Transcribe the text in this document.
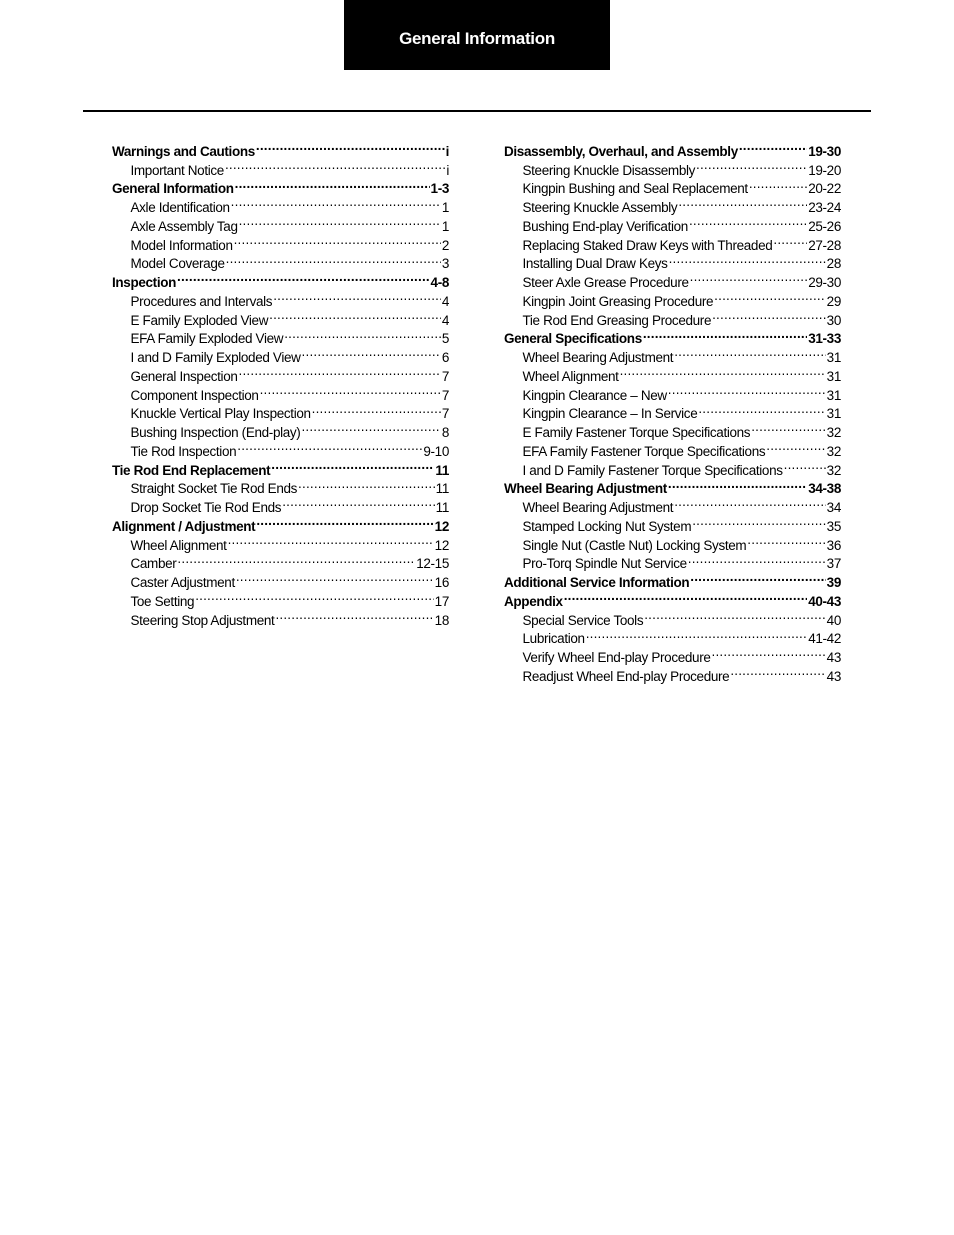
General Information
Warnings and Cautions .....	i
Important Notice .....	i
General Information .....	1-3
Axle Identification .....	1
Axle Assembly Tag .....	1
Model Information .....	2
Model Coverage .....	3
Inspection .....	4-8
Procedures and Intervals .....	4
E Family Exploded View .....	4
EFA Family Exploded View .....	5
I and D Family Exploded View .....	6
General Inspection .....	7
Component Inspection .....	7
Knuckle Vertical Play Inspection .....	7
Bushing Inspection (End-play) .....	8
Tie Rod Inspection .....	9-10
Tie Rod End Replacement .....	11
Straight Socket Tie Rod Ends .....	11
Drop Socket Tie Rod Ends .....	11
Alignment / Adjustment .....	12
Wheel Alignment .....	12
Camber .....	12-15
Caster Adjustment .....	16
Toe Setting .....	17
Steering Stop Adjustment .....	18
Disassembly, Overhaul, and Assembly .....	19-30
Steering Knuckle Disassembly .....	19-20
Kingpin Bushing and Seal Replacement .....	20-22
Steering Knuckle Assembly .....	23-24
Bushing End-play Verification .....	25-26
Replacing Staked Draw Keys with Threaded .....	27-28
Installing Dual Draw Keys .....	28
Steer Axle Grease Procedure .....	29-30
Kingpin Joint Greasing Procedure .....	29
Tie Rod End Greasing Procedure .....	30
General Specifications .....	31-33
Wheel Bearing Adjustment .....	31
Wheel Alignment .....	31
Kingpin Clearance – New .....	31
Kingpin Clearance – In Service .....	31
E Family Fastener Torque Specifications .....	32
EFA Family Fastener Torque Specifications .....	32
I and D Family Fastener Torque Specifications .....	32
Wheel Bearing Adjustment .....	34-38
Wheel Bearing Adjustment .....	34
Stamped Locking Nut System .....	35
Single Nut (Castle Nut) Locking System .....	36
Pro-Torq Spindle Nut Service .....	37
Additional Service Information .....	39
Appendix .....	40-43
Special Service Tools .....	40
Lubrication .....	41-42
Verify Wheel End-play Procedure .....	43
Readjust Wheel End-play Procedure .....	43
